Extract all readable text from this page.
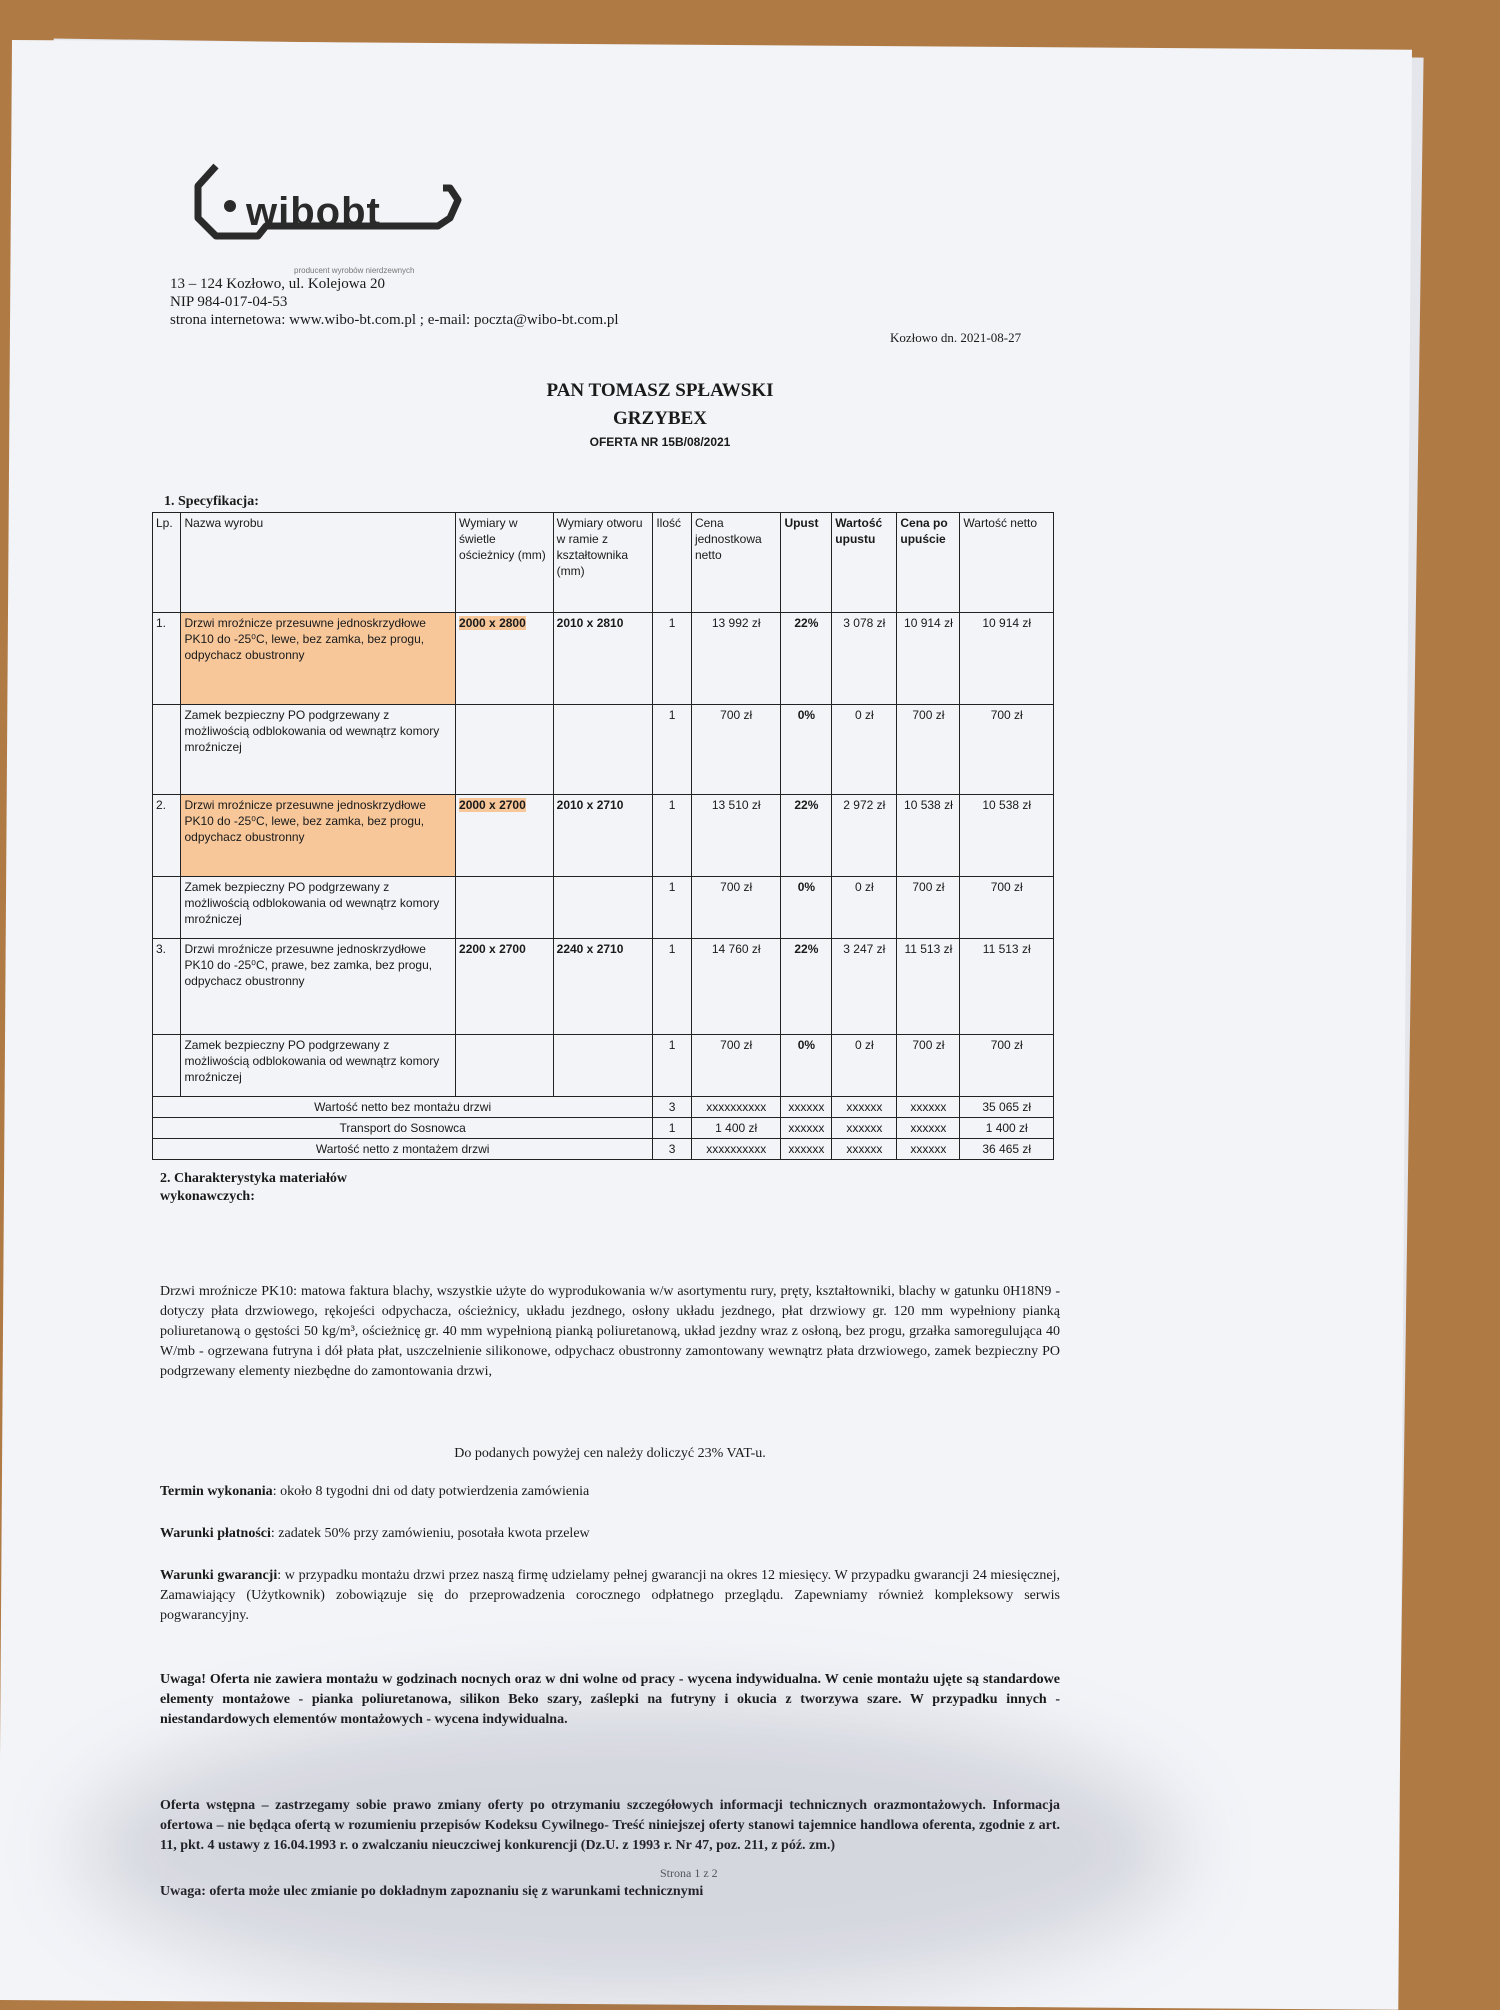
wibobt
producent wyrobów nierdzewnych
13 – 124 Kozłowo, ul. Kolejowa 20
NIP 984-017-04-53
strona internetowa: www.wibo-bt.com.pl ; e-mail: poczta@wibo-bt.com.pl
Kozłowo dn. 2021-08-27
PAN TOMASZ SPŁAWSKI
GRZYBEX
OFERTA NR 15B/08/2021
1. Specyfikacja:
Lp.	Nazwa wyrobu	Wymiary w świetle ościeżnicy (mm)	Wymiary otworu w ramie z kształtownika (mm)	Ilość	Cena jednostkowa netto	Upust	Wartość upustu	Cena po upuście	Wartość netto
1.	Drzwi mroźnicze przesuwne jednoskrzydłowe PK10 do -25⁰C, lewe, bez zamka, bez progu, odpychacz obustronny	2000 x 2800	2010 x 2810	1	13 992 zł	22%	3 078 zł	10 914 zł	10 914 zł
	Zamek bezpieczny PO podgrzewany z możliwością odblokowania od wewnątrz komory mroźniczej			1	700 zł	0%	0 zł	700 zł	700 zł
2.	Drzwi mroźnicze przesuwne jednoskrzydłowe PK10 do -25⁰C, lewe, bez zamka, bez progu, odpychacz obustronny	2000 x 2700	2010 x 2710	1	13 510 zł	22%	2 972 zł	10 538 zł	10 538 zł
	Zamek bezpieczny PO podgrzewany z możliwością odblokowania od wewnątrz komory mroźniczej			1	700 zł	0%	0 zł	700 zł	700 zł
3.	Drzwi mroźnicze przesuwne jednoskrzydłowe PK10 do -25⁰C, prawe, bez zamka, bez progu, odpychacz obustronny	2200 x 2700	2240 x 2710	1	14 760 zł	22%	3 247 zł	11 513 zł	11 513 zł
	Zamek bezpieczny PO podgrzewany z możliwością odblokowania od wewnątrz komory mroźniczej			1	700 zł	0%	0 zł	700 zł	700 zł
Wartość netto bez montażu drzwi				3	xxxxxxxxxx	xxxxxx	xxxxxx	xxxxxx	35 065 zł
Transport do Sosnowca				1	1 400 zł	xxxxxx	xxxxxx	xxxxxx	1 400 zł
Wartość netto z montażem drzwi				3	xxxxxxxxxx	xxxxxx	xxxxxx	xxxxxx	36 465 zł
2. Charakterystyka materiałów
wykonawczych:
Drzwi mroźnicze PK10: matowa faktura blachy, wszystkie użyte do wyprodukowania w/w asortymentu rury, pręty, kształtowniki, blachy w gatunku 0H18N9 - dotyczy płata drzwiowego, rękojeści odpychacza, ościeżnicy, układu jezdnego, osłony układu jezdnego, płat drzwiowy gr. 120 mm wypełniony pianką poliuretanową o gęstości 50 kg/m³, ościeżnicę gr. 40 mm wypełnioną pianką poliuretanową, układ jezdny wraz z osłoną, bez progu, grzałka samoregulująca 40 W/mb - ogrzewana futryna i dół płata płat, uszczelnienie silikonowe, odpychacz obustronny zamontowany wewnątrz płata drzwiowego, zamek bezpieczny PO podgrzewany elementy niezbędne do zamontowania drzwi,
Do podanych powyżej cen należy doliczyć 23% VAT-u.
Termin wykonania: około 8 tygodni dni od daty potwierdzenia zamówienia
Warunki płatności: zadatek 50% przy zamówieniu, posotała kwota przelew
Warunki gwarancji: w przypadku montażu drzwi przez naszą firmę udzielamy pełnej gwarancji na okres 12 miesięcy. W przypadku gwarancji 24 miesięcznej, Zamawiający (Użytkownik) zobowiązuje się do przeprowadzenia corocznego odpłatnego przeglądu. Zapewniamy również kompleksowy serwis pogwarancyjny.
Uwaga! Oferta nie zawiera montażu w godzinach nocnych oraz w dni wolne od pracy - wycena indywidualna. W cenie montażu ujęte są standardowe elementy montażowe - pianka poliuretanowa, silikon Beko szary, zaślepki na futryny i okucia z tworzywa szare. W przypadku innych - niestandardowych elementów montażowych - wycena indywidualna.
Oferta wstępna – zastrzegamy sobie prawo zmiany oferty po otrzymaniu szczegółowych informacji technicznych orazmontażowych. Informacja ofertowa – nie będąca ofertą w rozumieniu przepisów Kodeksu Cywilnego- Treść niniejszej oferty stanowi tajemnice handlowa oferenta, zgodnie z art. 11, pkt. 4 ustawy z 16.04.1993 r. o zwalczaniu nieuczciwej konkurencji (Dz.U. z 1993 r. Nr 47, poz. 211, z póź. zm.)
Uwaga: oferta może ulec zmianie po dokładnym zapoznaniu się z warunkami technicznymi
Strona 1 z 2
